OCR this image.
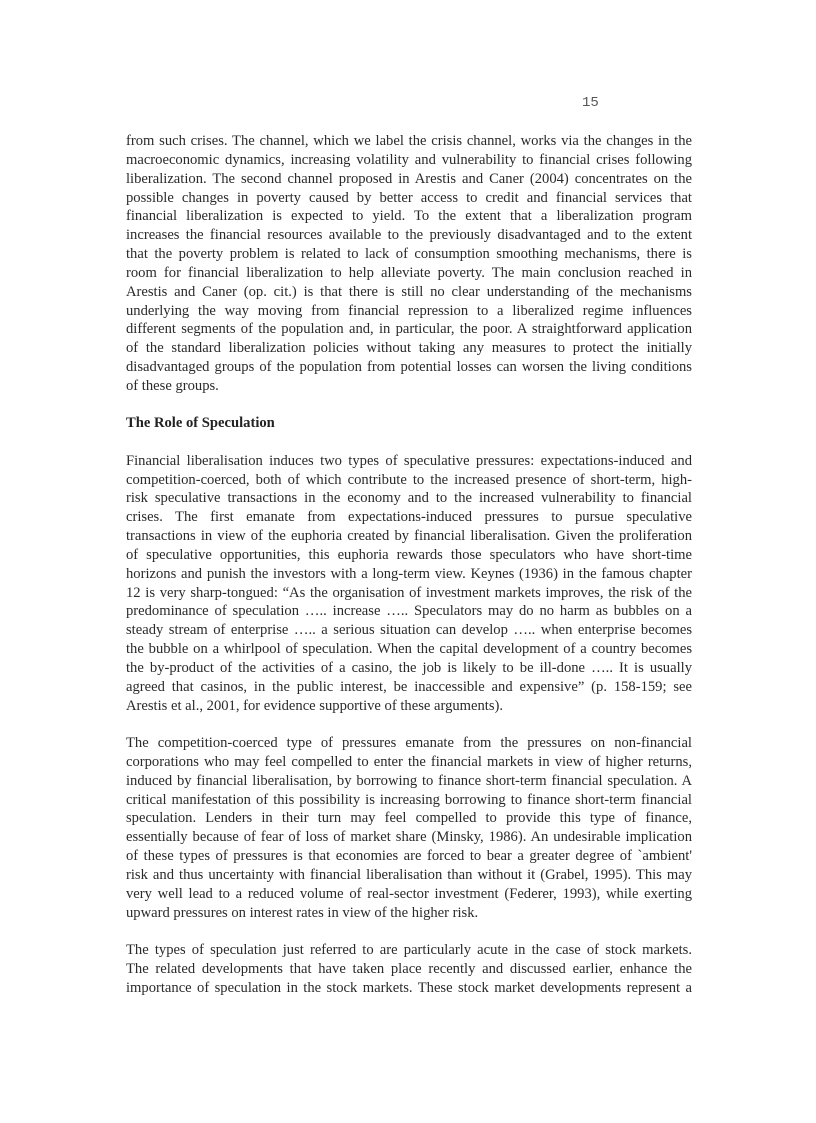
15
from such crises. The channel, which we label the crisis channel, works via the changes in the
macroeconomic dynamics, increasing volatility and vulnerability to financial crises following
liberalization. The second channel proposed in Arestis and Caner (2004) concentrates on the
possible changes in poverty caused by better access to credit and financial services that
financial liberalization is expected to yield. To the extent that a liberalization program
increases the financial resources available to the previously disadvantaged and to the extent
that the poverty problem is related to lack of consumption smoothing mechanisms, there is
room for financial liberalization to help alleviate poverty. The main conclusion reached in
Arestis and Caner (op. cit.) is that there is still no clear understanding of the mechanisms
underlying the way moving from financial repression to a liberalized regime influences
different segments of the population and, in particular, the poor. A straightforward application
of the standard liberalization policies without taking any measures to protect the initially
disadvantaged groups of the population from potential losses can worsen the living conditions
of these groups.
The Role of Speculation
Financial liberalisation induces two types of speculative pressures: expectations-induced and
competition-coerced, both of which contribute to the increased presence of short-term, high-
risk speculative transactions in the economy and to the increased vulnerability to financial
crises. The first emanate from expectations-induced pressures to pursue speculative
transactions in view of the euphoria created by financial liberalisation. Given the proliferation
of speculative opportunities, this euphoria rewards those speculators who have short-time
horizons and punish the investors with a long-term view. Keynes (1936) in the famous chapter
12 is very sharp-tongued: “As the organisation of investment markets improves, the risk of the
predominance of speculation ….. increase ….. Speculators may do no harm as bubbles on a
steady stream of enterprise ….. a serious situation can develop ….. when enterprise becomes
the bubble on a whirlpool of speculation. When the capital development of a country becomes
the by-product of the activities of a casino, the job is likely to be ill-done ….. It is usually
agreed that casinos, in the public interest, be inaccessible and expensive” (p. 158-159; see
Arestis et al., 2001, for evidence supportive of these arguments).
The competition-coerced type of pressures emanate from the pressures on non-financial
corporations who may feel compelled to enter the financial markets in view of higher returns,
induced by financial liberalisation, by borrowing to finance short-term financial speculation. A
critical manifestation of this possibility is increasing borrowing to finance short-term financial
speculation. Lenders in their turn may feel compelled to provide this type of finance,
essentially because of fear of loss of market share (Minsky, 1986). An undesirable implication
of these types of pressures is that economies are forced to bear a greater degree of `ambient'
risk and thus uncertainty with financial liberalisation than without it (Grabel, 1995). This may
very well lead to a reduced volume of real-sector investment (Federer, 1993), while exerting
upward pressures on interest rates in view of the higher risk.
The types of speculation just referred to are particularly acute in the case of stock markets.
The related developments that have taken place recently and discussed earlier, enhance the
importance of speculation in the stock markets. These stock market developments represent a
